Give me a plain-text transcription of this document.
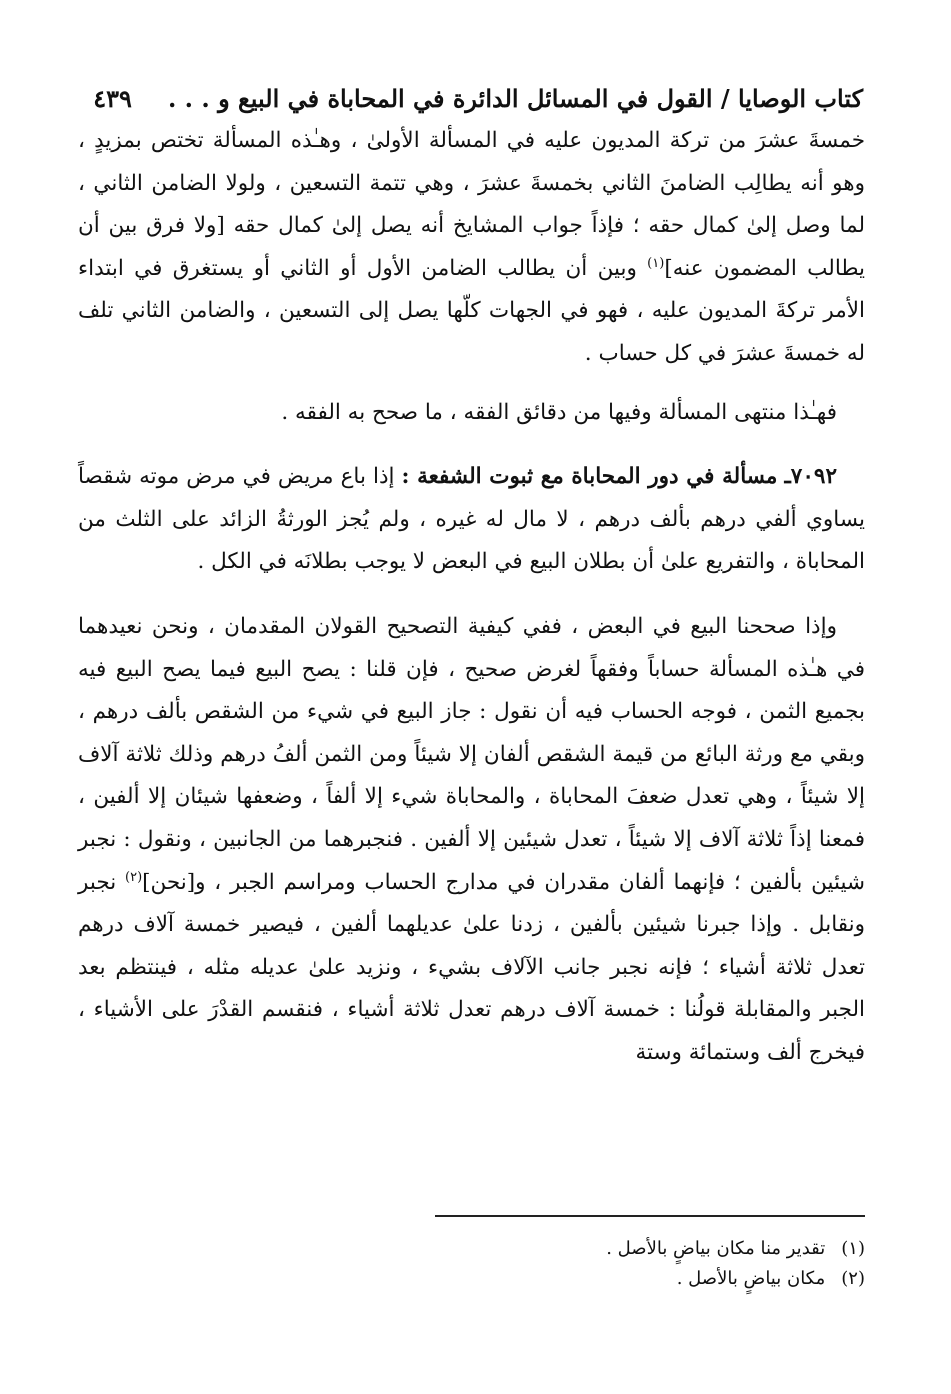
كتاب الوصايا / القول في المسائل الدائرة في المحاباة في البيع و . . .
٤٣٩

خمسةَ عشرَ من تركة المديون عليه في المسألة الأولىٰ ، وهـٰذه المسألة تختص بمزيدٍ ، وهو أنه يطالِب الضامنَ الثاني بخمسةَ عشرَ ، وهي تتمة التسعين ، ولولا الضامن الثاني ، لما وصل إلىٰ كمال حقه ؛ فإذاً جواب المشايخ أنه يصل إلىٰ كمال حقه [ولا فرق بين أن يطالب المضمون عنه]$^{(١)}$ وبين أن يطالب الضامن الأول أو الثاني أو يستغرق في ابتداء الأمر تركةَ المديون عليه ، فهو في الجهات كلّها يصل إلى التسعين ، والضامن الثاني تلف له خمسةَ عشرَ في كل حساب .

فهـٰذا منتهى المسألة وفيها من دقائق الفقه ، ما صحح به الفقه .

٧٠٩٢ـ مسألة في دور المحاباة مع ثبوت الشفعة : إذا باع مريض في مرض موته شقصاً يساوي ألفي درهم بألف درهم ، لا مال له غيره ، ولم يُجز الورثةُ الزائد على الثلث من المحاباة ، والتفريع علىٰ أن بطلان البيع في البعض لا يوجب بطلانَه في الكل .

وإذا صححنا البيع في البعض ، ففي كيفية التصحيح القولان المقدمان ، ونحن نعيدهما في هـٰذه المسألة حساباً وفقهاً لغرض صحيح ، فإن قلنا : يصح البيع فيما يصح البيع فيه بجميع الثمن ، فوجه الحساب فيه أن نقول : جاز البيع في شيء من الشقص بألف درهم ، وبقي مع ورثة البائع من قيمة الشقص ألفان إلا شيئاً ومن الثمن ألفُ درهم وذلك ثلاثة آلاف إلا شيئاً ، وهي تعدل ضعفَ المحاباة ، والمحاباة شيء إلا ألفاً ، وضعفها شيئان إلا ألفين ، فمعنا إذاً ثلاثة آلاف إلا شيئاً ، تعدل شيئين إلا ألفين . فنجبرهما من الجانبين ، ونقول : نجبر شيئين بألفين ؛ فإنهما ألفان مقدران في مدارج الحساب ومراسم الجبر ، و[نحن]$^{(٢)}$ نجبر ونقابل . وإذا جبرنا شيئين بألفين ، زدنا علىٰ عديلهما ألفين ، فيصير خمسة آلاف درهم تعدل ثلاثة أشياء ؛ فإنه نجبر جانب الآلاف بشيء ، ونزيد علىٰ عديله مثله ، فينتظم بعد الجبر والمقابلة قولُنا : خمسة آلاف درهم تعدل ثلاثة أشياء ، فنقسم القدْرَ على الأشياء ، فيخرج ألف وستمائة وستة

(١)تقدير منا مكان بياضٍ بالأصل .
(٢)مكان بياضٍ بالأصل .
